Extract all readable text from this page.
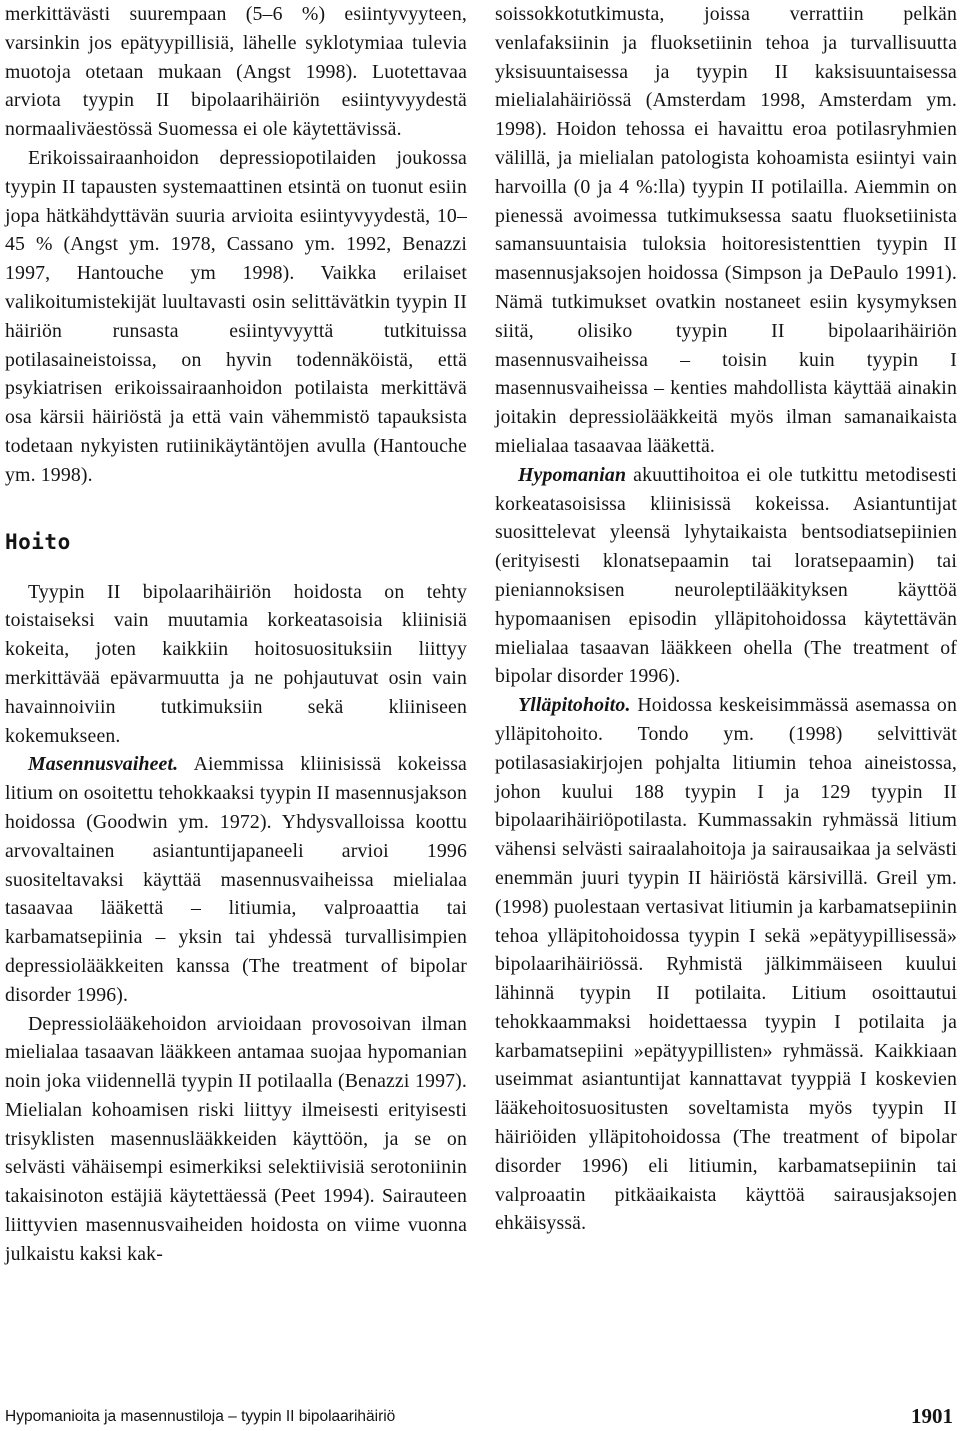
merkittävästi suurempaan (5–6 %) esiintyvyyteen, varsinkin jos epätyypillisiä, lähelle syklotymiaa tulevia muotoja otetaan mukaan (Angst 1998). Luotettavaa arviota tyypin II bipolaarihäiriön esiintyvyydestä normaaliväestössä Suomessa ei ole käytettävissä.

Erikoissairaanhoidon depressiopotilaiden joukossa tyypin II tapausten systemaattinen etsintä on tuonut esiin jopa hätkähdyttävän suuria arvioita esiintyvyydestä, 10–45 % (Angst ym. 1978, Cassano ym. 1992, Benazzi 1997, Hantouche ym 1998). Vaikka erilaiset valikoitumistekijät luultavasti osin selittävätkin tyypin II häiriön runsasta esiintyvyyttä tutkituissa potilasaineistoissa, on hyvin todennäköistä, että psykiatrisen erikoissairaanhoidon potilaista merkittävä osa kärsii häiriöstä ja että vain vähemmistö tapauksista todetaan nykyisten rutiinikäytäntöjen avulla (Hantouche ym. 1998).

Hoito

Tyypin II bipolaarihäiriön hoidosta on tehty toistaiseksi vain muutamia korkeatasoisia kliinisiä kokeita, joten kaikkiin hoitosuosituksiin liittyy merkittävää epävarmuutta ja ne pohjautuvat osin vain havainnoiviin tutkimuksiin sekä kliiniseen kokemukseen.

Masennusvaiheet. Aiemmissa kliinisissä kokeissa litium on osoitettu tehokkaaksi tyypin II masennusjakson hoidossa (Goodwin ym. 1972). Yhdysvalloissa koottu arvovaltainen asiantuntijapaneeli arvioi 1996 suositeltavaksi käyttää masennusvaiheissa mielialaa tasaavaa lääkettä – litiumia, valproaattia tai karbamatsepiinia – yksin tai yhdessä turvallisimpien depressiolääkkeiten kanssa (The treatment of bipolar disorder 1996).

Depressiolääkehoidon arvioidaan provosoivan ilman mielialaa tasaavan lääkkeen antamaa suojaa hypomanian noin joka viidennellä tyypin II potilaalla (Benazzi 1997). Mielialan kohoamisen riski liittyy ilmeisesti erityisesti trisyklisten masennuslääkkeiden käyttöön, ja se on selvästi vähäisempi esimerkiksi selektiivisiä serotoniinin takaisinoton estäjiä käytettäessä (Peet 1994). Sairauteen liittyvien masennusvaiheiden hoidosta on viime vuonna julkaistu kaksi kak-

soissokkotutkimusta, joissa verrattiin pelkän venlafaksiinin ja fluoksetiinin tehoa ja turvallisuutta yksisuuntaisessa ja tyypin II kaksisuuntaisessa mielialahäiriössä (Amsterdam 1998, Amsterdam ym. 1998). Hoidon tehossa ei havaittu eroa potilasryhmien välillä, ja mielialan patologista kohoamista esiintyi vain harvoilla (0 ja 4 %:lla) tyypin II potilailla. Aiemmin on pienessä avoimessa tutkimuksessa saatu fluoksetiinista samansuuntaisia tuloksia hoitoresistenttien tyypin II masennusjaksojen hoidossa (Simpson ja DePaulo 1991). Nämä tutkimukset ovatkin nostaneet esiin kysymyksen siitä, olisiko tyypin II bipolaarihäiriön masennusvaiheissa – toisin kuin tyypin I masennusvaiheissa – kenties mahdollista käyttää ainakin joitakin depressiolääkkeitä myös ilman samanaikaista mielialaa tasaavaa lääkettä.

Hypomanian akuuttihoitoa ei ole tutkittu metodisesti korkeatasoisissa kliinisissä kokeissa. Asiantuntijat suosittelevat yleensä lyhytaikaista bentsodiatsepiinien (erityisesti klonatsepaamin tai loratsepaamin) tai pieniannoksisen neuroleptilääkityksen käyttöä hypomaanisen episodin ylläpitohoidossa käytettävän mielialaa tasaavan lääkkeen ohella (The treatment of bipolar disorder 1996).

Ylläpitohoito. Hoidossa keskeisimmässä asemassa on ylläpitohoito. Tondo ym. (1998) selvittivät potilasasiakirjojen pohjalta litiumin tehoa aineistossa, johon kuului 188 tyypin I ja 129 tyypin II bipolaarihäiriöpotilasta. Kummassakin ryhmässä litium vähensi selvästi sairaalahoitoja ja sairausaikaa ja selvästi enemmän juuri tyypin II häiriöstä kärsivillä. Greil ym. (1998) puolestaan vertasivat litiumin ja karbamatsepiinin tehoa ylläpitohoidossa tyypin I sekä »epätyypillisessä» bipolaarihäiriössä. Ryhmistä jälkimmäiseen kuului lähinnä tyypin II potilaita. Litium osoittautui tehokkaammaksi hoidettaessa tyypin I potilaita ja karbamatsepiini »epätyypillisten» ryhmässä. Kaikkiaan useimmat asiantuntijat kannattavat tyyppiä I koskevien lääkehoitosuositusten soveltamista myös tyypin II häiriöiden ylläpitohoidossa (The treatment of bipolar disorder 1996) eli litiumin, karbamatsepiinin tai valproaatin pitkäaikaista käyttöä sairausjaksojen ehkäisyssä.

Hypomanioita ja masennustiloja – tyypin II bipolaarihäiriö	1901
